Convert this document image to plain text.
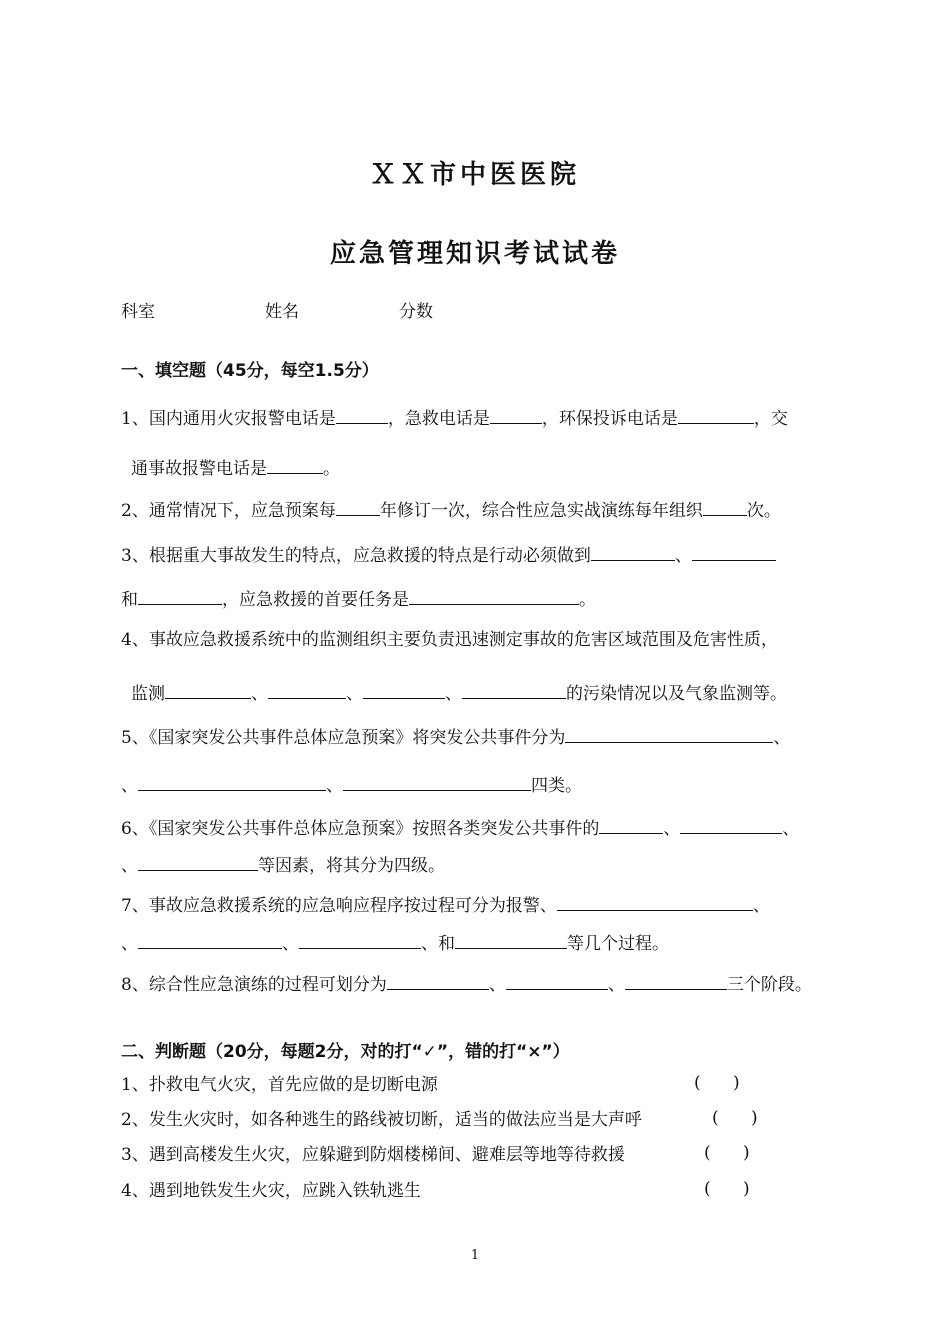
ＸＸ市中医医院
应急管理知识考试试卷
科室	姓名	分数
一、填空题（45分，每空1.5分）
1、国内通用火灾报警电话是	，急救电话是	，环保投诉电话是	，交
通事故报警电话是	。
2、通常情况下，应急预案每	年修订一次，综合性应急实战演练每年组织	次。
3、根据重大事故发生的特点，应急救援的特点是行动必须做到	、
和	，应急救援的首要任务是	。
4、事故应急救援系统中的监测组织主要负责迅速测定事故的危害区域范围及危害性质，
监测	、	、	、	的污染情况以及气象监测等。
5、《国家突发公共事件总体应急预案》将突发公共事件分为	、
、	、	四类。
6、《国家突发公共事件总体应急预案》按照各类突发公共事件的	、	、
、	等因素，将其分为四级。
7、事故应急救援系统的应急响应程序按过程可分为报警、	、
、	、	、和	等几个过程。
8、综合性应急演练的过程可划分为	、	、	三个阶段。
二、判断题（20分，每题2分，对的打“✓”，错的打“×”）
1、扑救电气火灾，首先应做的是切断电源	(      )
2、发生火灾时，如各种逃生的路线被切断，适当的做法应当是大声呼	(      )
3、遇到高楼发生火灾，应躲避到防烟楼梯间、避难层等地等待救援	(      )
4、遇到地铁发生火灾，应跳入铁轨逃生	(      )
1
